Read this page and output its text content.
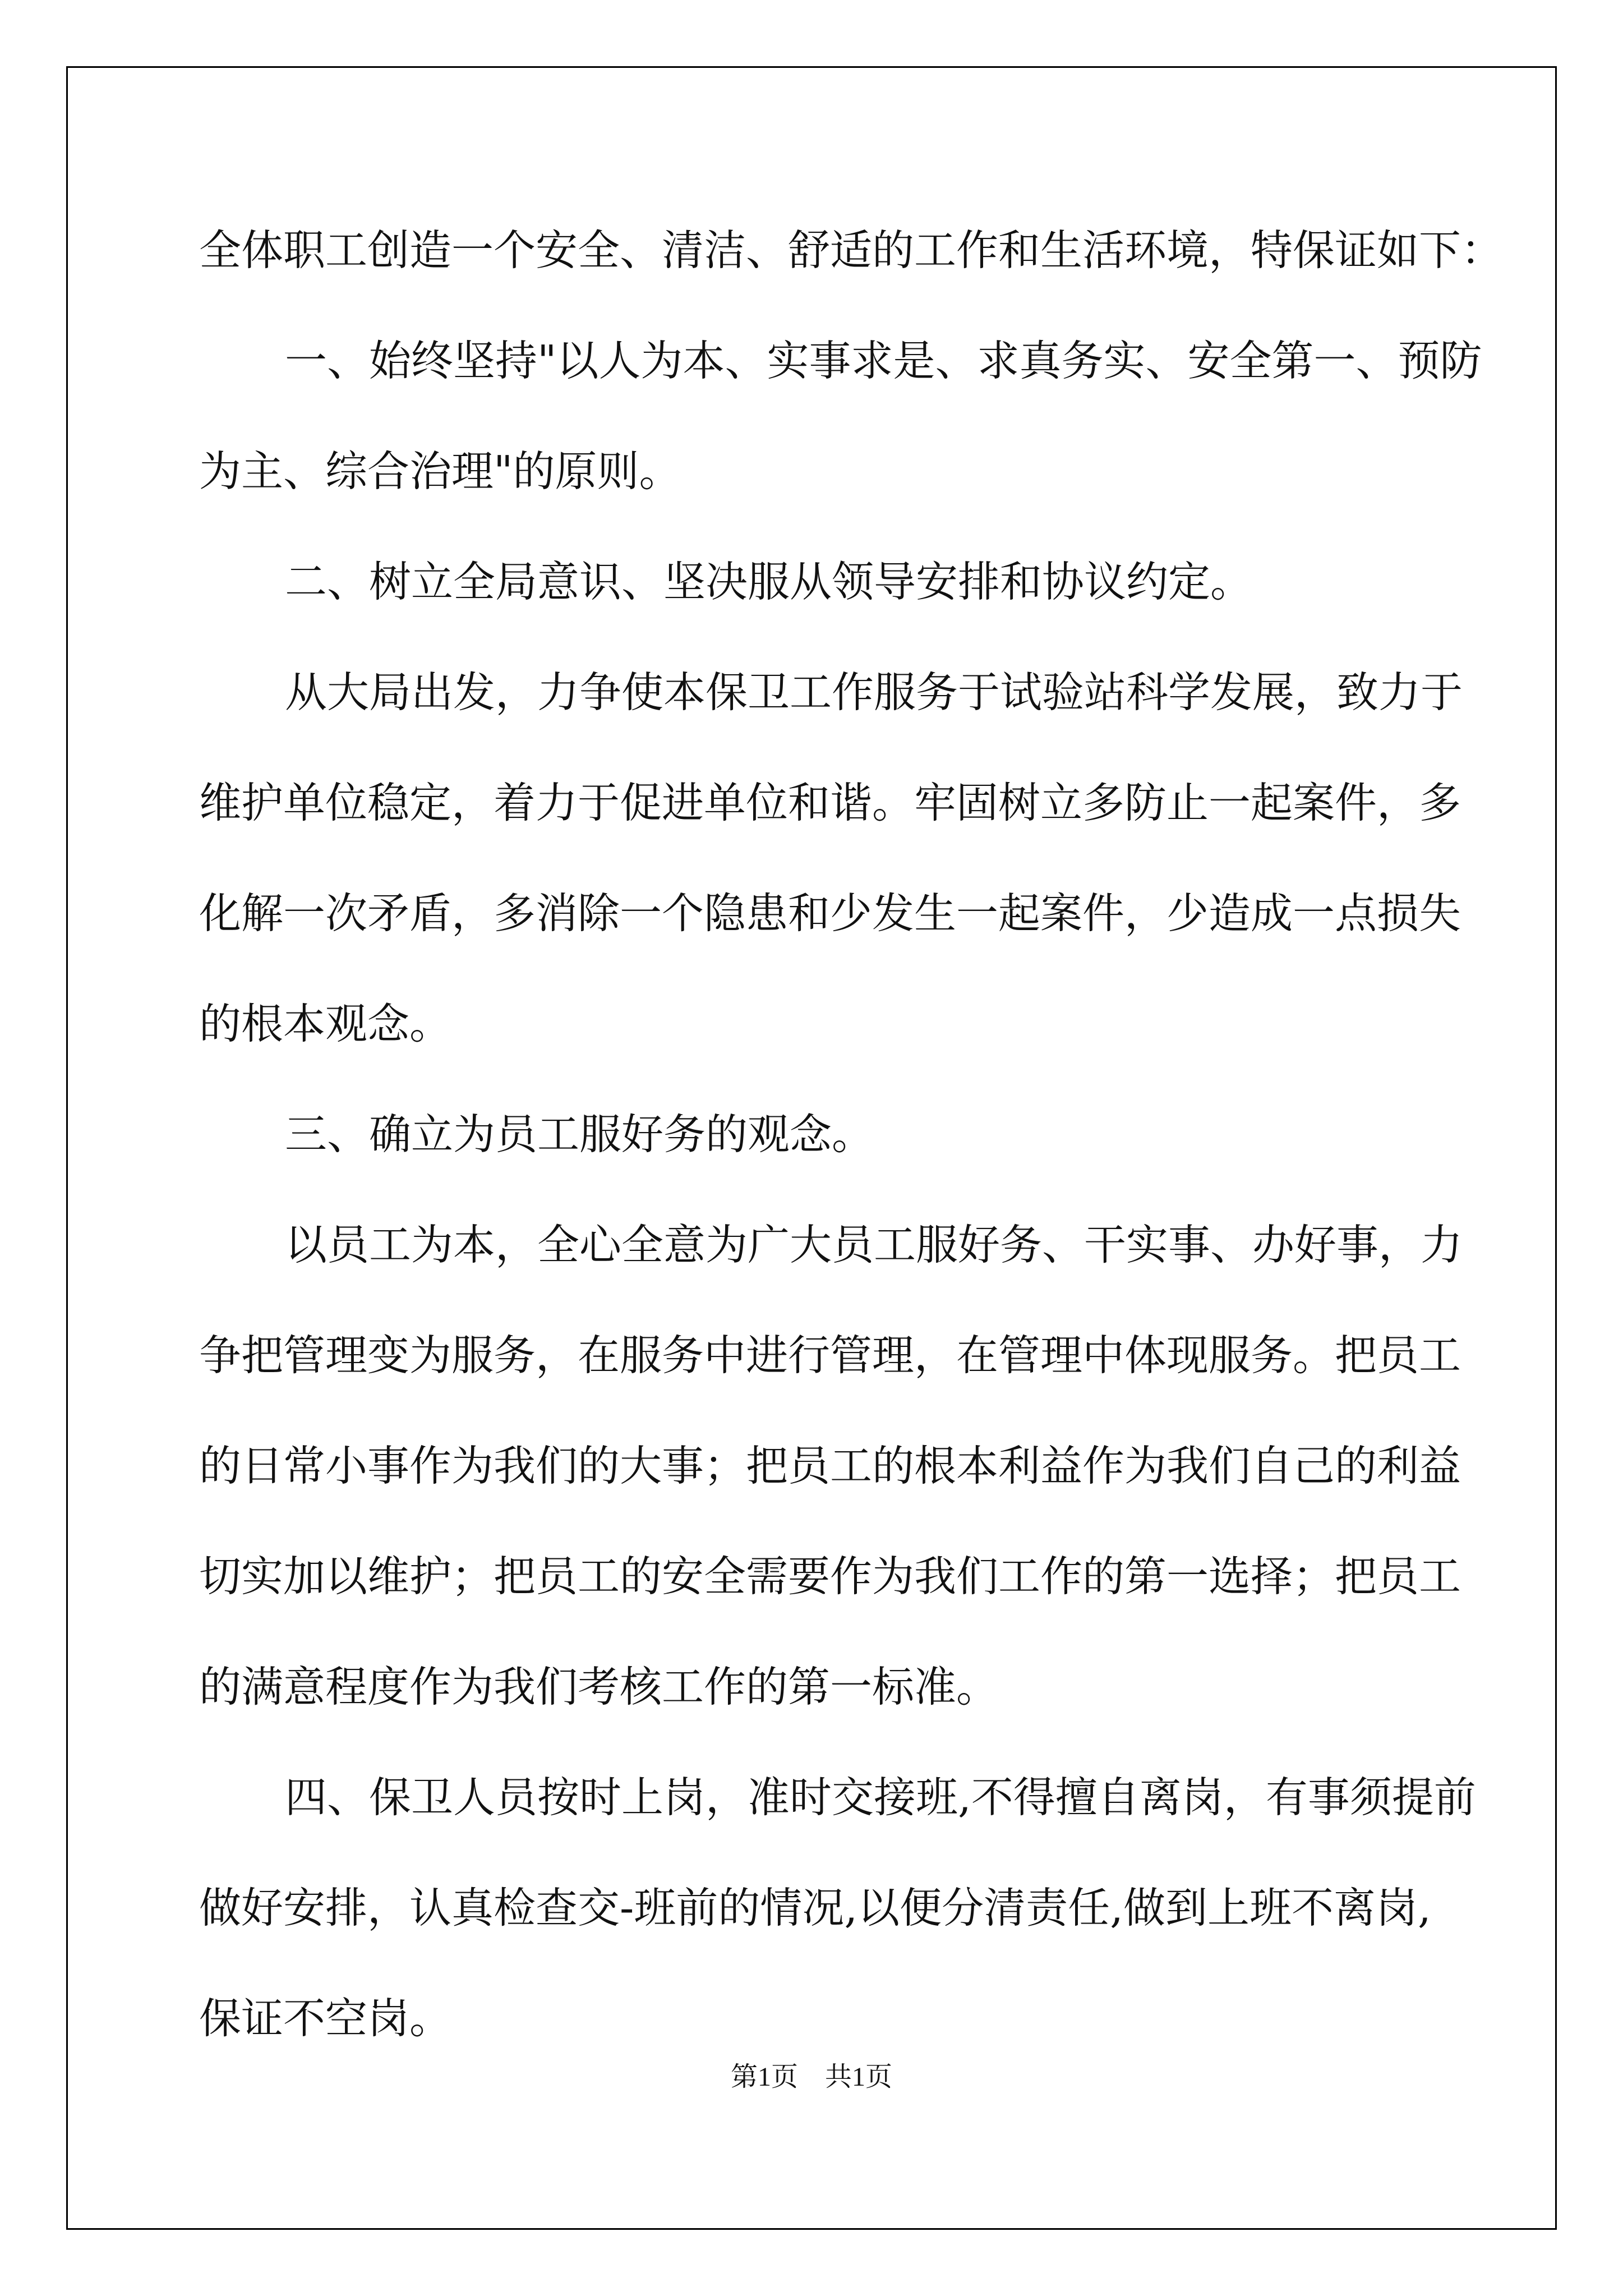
全体职工创造一个安全、清洁、舒适的工作和生活环境，特保证如下：
一、始终坚持"以人为本、实事求是、求真务实、安全第一、预防
为主、综合治理"的原则。
二、树立全局意识、坚决服从领导安排和协议约定。
从大局出发，力争使本保卫工作服务于试验站科学发展，致力于
维护单位稳定，着力于促进单位和谐。牢固树立多防止一起案件，多
化解一次矛盾，多消除一个隐患和少发生一起案件，少造成一点损失
的根本观念。
三、确立为员工服好务的观念。
以员工为本，全心全意为广大员工服好务、干实事、办好事，力
争把管理变为服务，在服务中进行管理，在管理中体现服务。把员工
的日常小事作为我们的大事；把员工的根本利益作为我们自己的利益
切实加以维护；把员工的安全需要作为我们工作的第一选择；把员工
的满意程度作为我们考核工作的第一标准。
四、保卫人员按时上岗，准时交接班,不得擅自离岗，有事须提前
做好安排，认真检查交-班前的情况,以便分清责任,做到上班不离岗,
保证不空岗。
第1页 共1页
